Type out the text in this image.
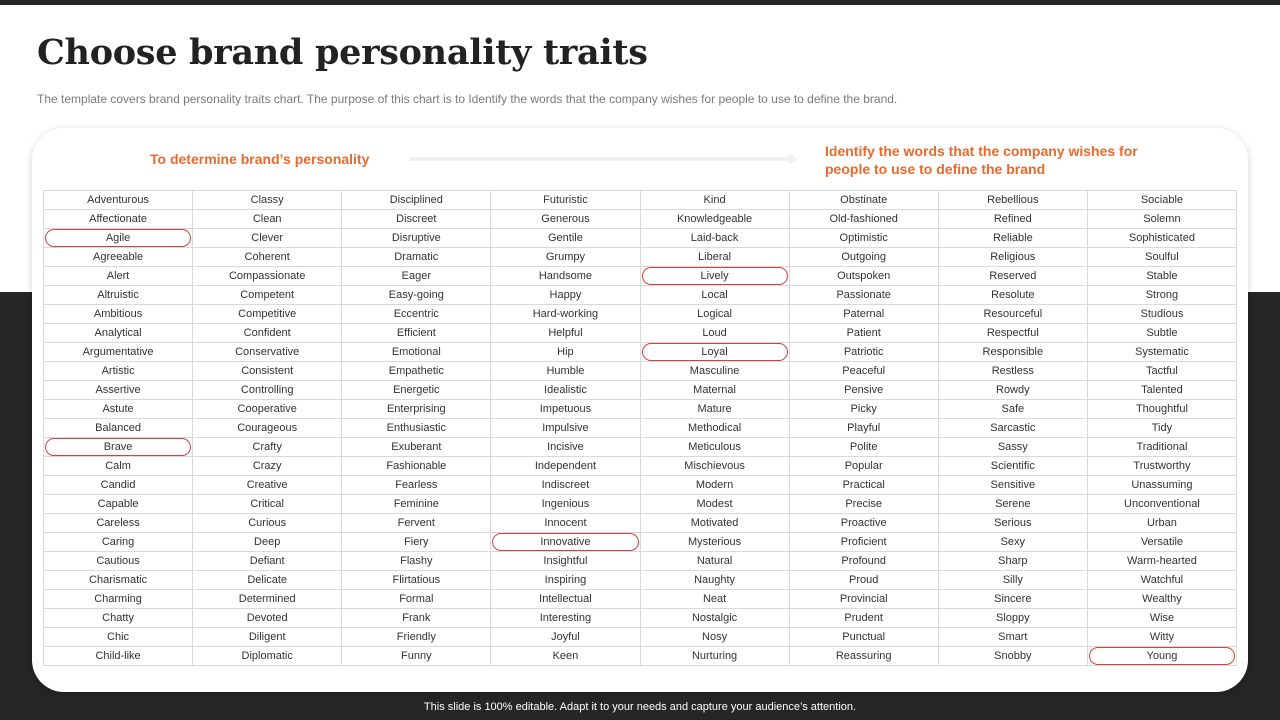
Choose brand personality traits

The template covers brand personality traits chart. The purpose of this chart is to Identify the words that the company wishes for people to use to define the brand.

To determine brand’s personality	Identify the words that the company wishes for people to use to define the brand
Adventurous	Classy	Disciplined	Futuristic	Kind	Obstinate	Rebellious	Sociable
Affectionate	Clean	Discreet	Generous	Knowledgeable	Old-fashioned	Refined	Solemn
Agile	Clever	Disruptive	Gentile	Laid-back	Optimistic	Reliable	Sophisticated
Agreeable	Coherent	Dramatic	Grumpy	Liberal	Outgoing	Religious	Soulful
Alert	Compassionate	Eager	Handsome	Lively	Outspoken	Reserved	Stable
Altruistic	Competent	Easy-going	Happy	Local	Passionate	Resolute	Strong
Ambitious	Competitive	Eccentric	Hard-working	Logical	Paternal	Resourceful	Studious
Analytical	Confident	Efficient	Helpful	Loud	Patient	Respectful	Subtle
Argumentative	Conservative	Emotional	Hip	Loyal	Patriotic	Responsible	Systematic
Artistic	Consistent	Empathetic	Humble	Masculine	Peaceful	Restless	Tactful
Assertive	Controlling	Energetic	Idealistic	Maternal	Pensive	Rowdy	Talented
Astute	Cooperative	Enterprising	Impetuous	Mature	Picky	Safe	Thoughtful
Balanced	Courageous	Enthusiastic	Impulsive	Methodical	Playful	Sarcastic	Tidy
Brave	Crafty	Exuberant	Incisive	Meticulous	Polite	Sassy	Traditional
Calm	Crazy	Fashionable	Independent	Mischievous	Popular	Scientific	Trustworthy
Candid	Creative	Fearless	Indiscreet	Modern	Practical	Sensitive	Unassuming
Capable	Critical	Feminine	Ingenious	Modest	Precise	Serene	Unconventional
Careless	Curious	Fervent	Innocent	Motivated	Proactive	Serious	Urban
Caring	Deep	Fiery	Innovative	Mysterious	Proficient	Sexy	Versatile
Cautious	Defiant	Flashy	Insightful	Natural	Profound	Sharp	Warm-hearted
Charismatic	Delicate	Flirtatious	Inspiring	Naughty	Proud	Silly	Watchful
Charming	Determined	Formal	Intellectual	Neat	Provincial	Sincere	Wealthy
Chatty	Devoted	Frank	Interesting	Nostalgic	Prudent	Sloppy	Wise
Chic	Diligent	Friendly	Joyful	Nosy	Punctual	Smart	Witty
Child-like	Diplomatic	Funny	Keen	Nurturing	Reassuring	Snobby	Young
This slide is 100% editable. Adapt it to your needs and capture your audience’s attention.
